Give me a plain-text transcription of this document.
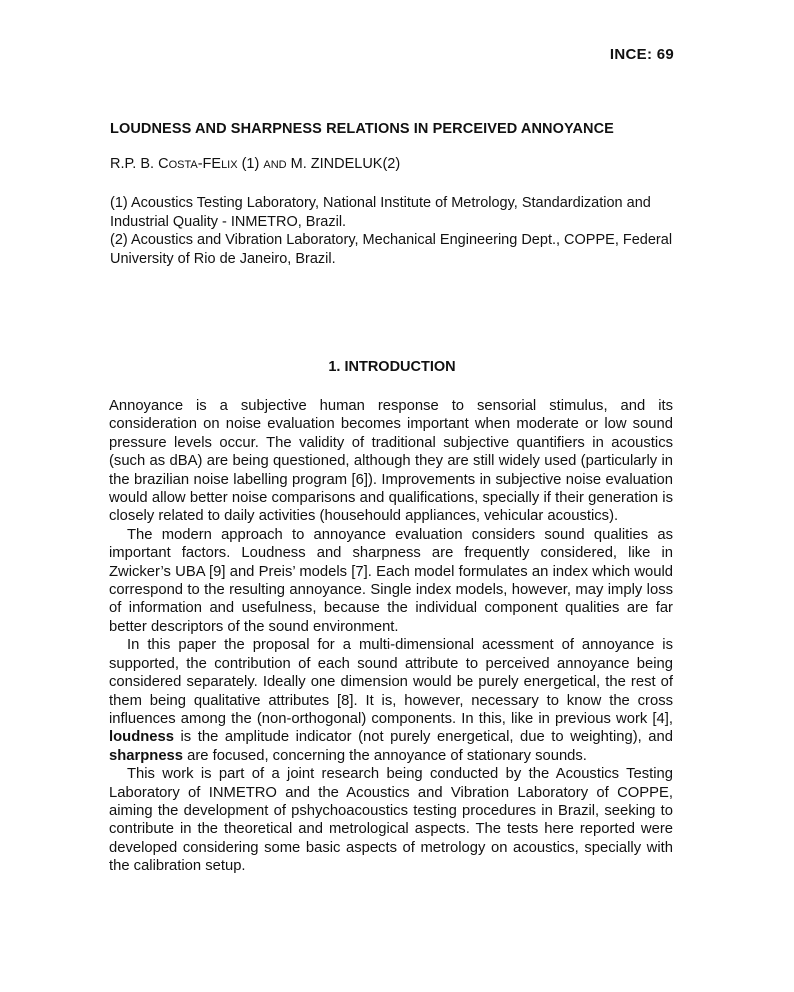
INCE: 69
LOUDNESS AND SHARPNESS RELATIONS IN PERCEIVED ANNOYANCE
R.P. B. COSTA-FELIX (1) AND M. ZINDELUK(2)

(1) Acoustics Testing Laboratory, National Institute of Metrology, Standardization and Industrial Quality - INMETRO, Brazil.

(2) Acoustics and Vibration Laboratory, Mechanical Engineering Dept., COPPE, Federal University of Rio de Janeiro, Brazil.

1. INTRODUCTION

Annoyance is a subjective human response to sensorial stimulus, and its consideration on noise evaluation becomes important when moderate or low sound pressure levels occur. The validity of traditional subjective quantifiers in acoustics (such as dBA) are being questioned, although they are still widely used (particularly in the brazilian noise labelling program [6]). Improvements in subjective noise evaluation would allow better noise comparisons and qualifications, specially if their generation is closely related to daily activities (househould appliances, vehicular acoustics).

The modern approach to annoyance evaluation considers sound qualities as important factors. Loudness and sharpness are frequently considered, like in Zwicker’s UBA [9] and Preis’ models [7]. Each model formulates an index which would correspond to the resulting annoyance. Single index models, however, may imply loss of information and usefulness, because the individual component qualities are far better descriptors of the sound environment.

In this paper the proposal for a multi-dimensional acessment of annoyance is supported, the contribution of each sound attribute to perceived annoyance being considered separately. Ideally one dimension would be purely energetical, the rest of them being qualitative attributes [8]. It is, however, necessary to know the cross influences among the (non-orthogonal) components. In this, like in previous work [4], loudness is the amplitude indicator (not purely energetical, due to weighting), and sharpness are focused, concerning the annoyance of stationary sounds.

This work is part of a joint research being conducted by the Acoustics Testing Laboratory of INMETRO and the Acoustics and Vibration Laboratory of COPPE, aiming the development of pshychoacoustics testing procedures in Brazil, seeking to contribute in the theoretical and metrological aspects. The tests here reported were developed considering some basic aspects of metrology on acoustics, specially with the calibration setup.
